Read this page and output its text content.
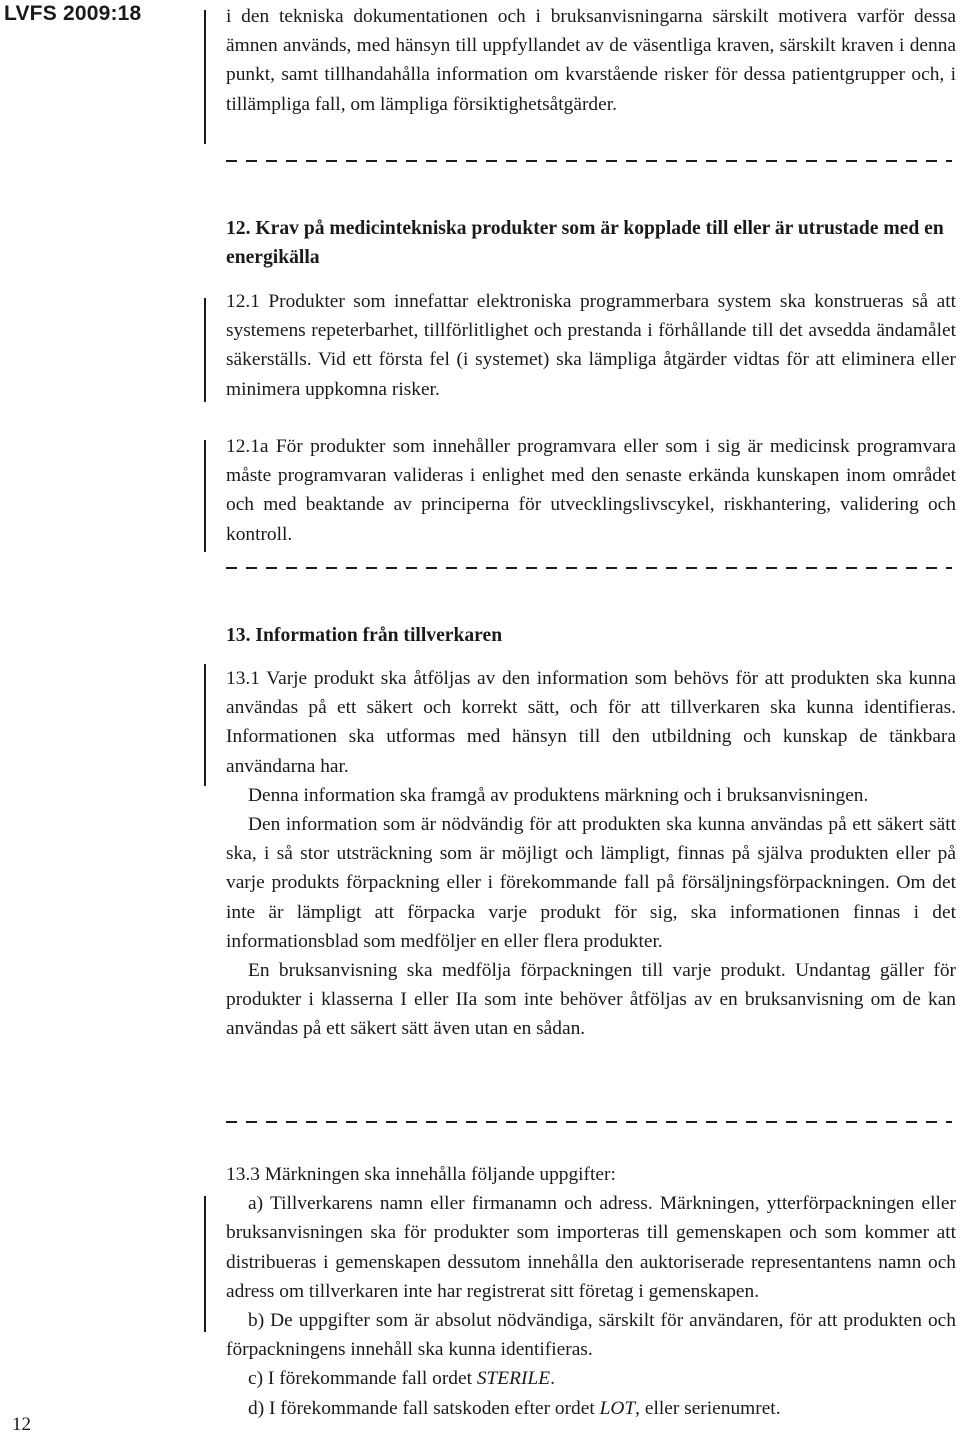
LVFS 2009:18	i den tekniska dokumentationen och i bruksanvisningarna särskilt motivera varför dessa ämnen används, med hänsyn till uppfyllandet av de väsentliga kraven, särskilt kraven i denna punkt, samt tillhandahålla information om kvarstående risker för dessa patientgrupper och, i tillämpliga fall, om lämpliga försiktighetsåtgärder.

12. Krav på medicintekniska produkter som är kopplade till eller är utrustade med en energikälla

12.1 Produkter som innefattar elektroniska programmerbara system ska konstrueras så att systemens repeterbarhet, tillförlitlighet och prestanda i förhållande till det avsedda ändamålet säkerställs. Vid ett första fel (i systemet) ska lämpliga åtgärder vidtas för att eliminera eller minimera uppkomna risker.

12.1a För produkter som innehåller programvara eller som i sig är medicinsk programvara måste programvaran valideras i enlighet med den senaste erkända kunskapen inom området och med beaktande av principerna för utvecklingslivscykel, riskhantering, validering och kontroll.

13. Information från tillverkaren

13.1 Varje produkt ska åtföljas av den information som behövs för att produkten ska kunna användas på ett säkert och korrekt sätt, och för att tillverkaren ska kunna identifieras. Informationen ska utformas med hänsyn till den utbildning och kunskap de tänkbara användarna har.

Denna information ska framgå av produktens märkning och i bruksanvisningen.

Den information som är nödvändig för att produkten ska kunna användas på ett säkert sätt ska, i så stor utsträckning som är möjligt och lämpligt, finnas på själva produkten eller på varje produkts förpackning eller i förekommande fall på försäljningsförpackningen. Om det inte är lämpligt att förpacka varje produkt för sig, ska informationen finnas i det informationsblad som medföljer en eller flera produkter.

En bruksanvisning ska medfölja förpackningen till varje produkt. Undantag gäller för produkter i klasserna I eller IIa som inte behöver åtföljas av en bruksanvisning om de kan användas på ett säkert sätt även utan en sådan.

13.3 Märkningen ska innehålla följande uppgifter:

a) Tillverkarens namn eller firmanamn och adress. Märkningen, ytterförpackningen eller bruksanvisningen ska för produkter som importeras till gemenskapen och som kommer att distribueras i gemenskapen dessutom innehålla den auktoriserade representantens namn och adress om tillverkaren inte har registrerat sitt företag i gemenskapen.

b) De uppgifter som är absolut nödvändiga, särskilt för användaren, för att produkten och förpackningens innehåll ska kunna identifieras.

c) I förekommande fall ordet STERILE.

d) I förekommande fall satskoden efter ordet LOT, eller serienumret.

12
